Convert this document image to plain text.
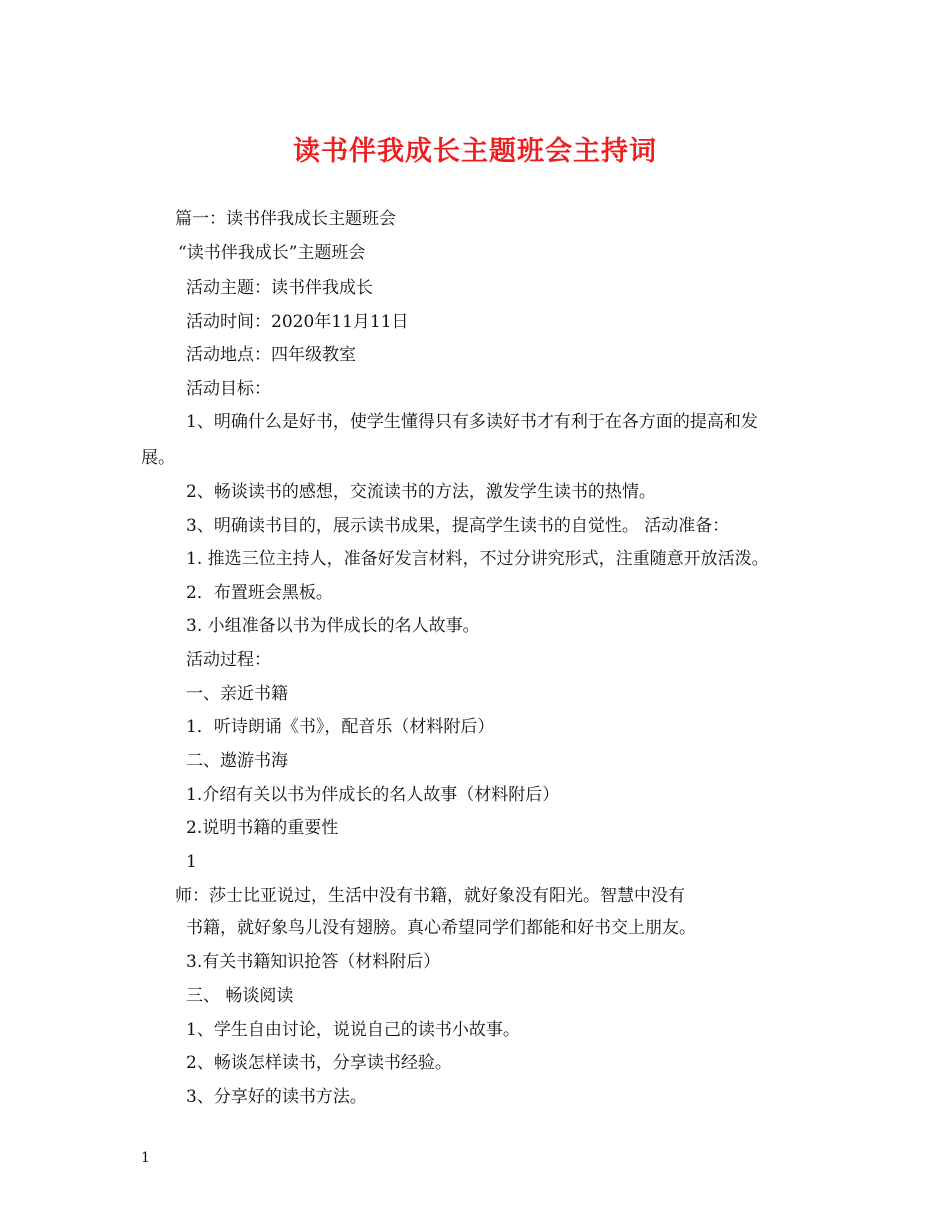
读书伴我成长主题班会主持词

篇一：读书伴我成长主题班会

“读书伴我成长”主题班会

活动主题：读书伴我成长

活动时间：2020年11月11日

活动地点：四年级教室

活动目标：

1、明确什么是好书，使学生懂得只有多读好书才有利于在各方面的提高和发

展。

2、畅谈读书的感想，交流读书的方法，激发学生读书的热情。

3、明确读书目的，展示读书成果，提高学生读书的自觉性。 活动准备：

1. 推选三位主持人，准备好发言材料，不过分讲究形式，注重随意开放活泼。

2．布置班会黑板。

3. 小组准备以书为伴成长的名人故事。

活动过程：

一、亲近书籍

1．听诗朗诵《书》，配音乐（材料附后）

二、遨游书海

1.介绍有关以书为伴成长的名人故事（材料附后）

2.说明书籍的重要性

1

师：莎士比亚说过，生活中没有书籍，就好象没有阳光。智慧中没有

书籍，就好象鸟儿没有翅膀。真心希望同学们都能和好书交上朋友。

3.有关书籍知识抢答（材料附后）

三、 畅谈阅读

1、学生自由讨论，说说自己的读书小故事。

2、畅谈怎样读书，分享读书经验。

3、分享好的读书方法。

1
